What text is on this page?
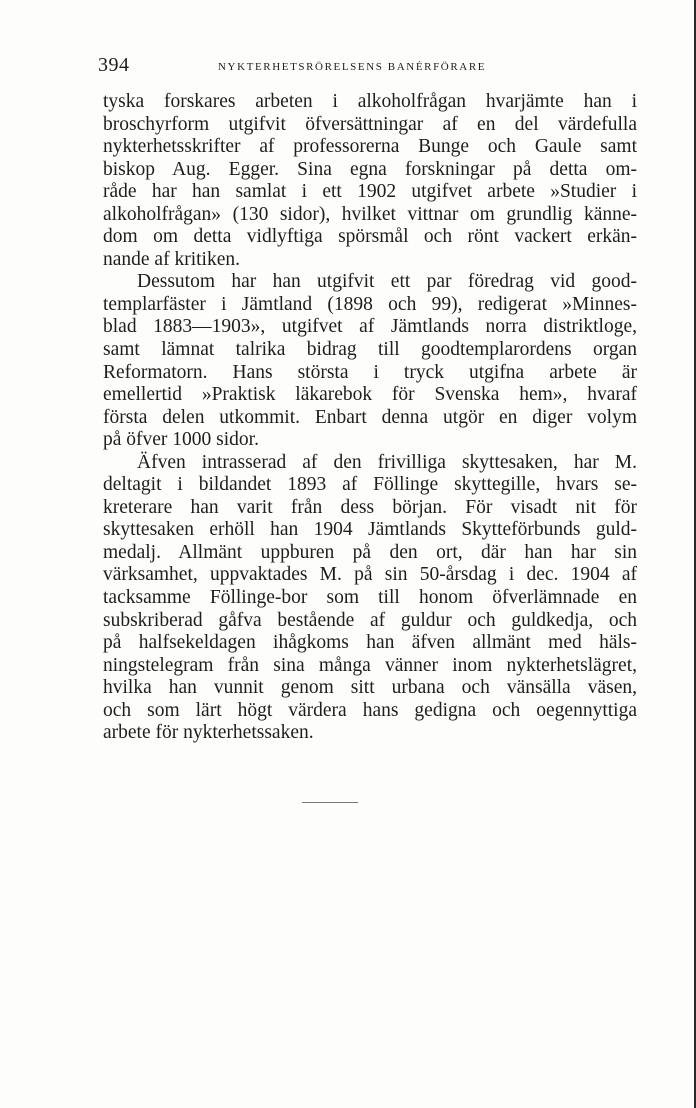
394	NYKTERHETSRÖRELSENS BANÉRFÖRARE
tyska forskares arbeten i alkoholfrågan hvarjämte han i
broschyrform utgifvit öfversättningar af en del värdefulla
nykterhetsskrifter af professorerna Bunge och Gaule samt
biskop Aug. Egger. Sina egna forskningar på detta om-
råde har han samlat i ett 1902 utgifvet arbete »Studier i
alkoholfrågan» (130 sidor), hvilket vittnar om grundlig känne-
dom om detta vidlyftiga spörsmål och rönt vackert erkän-
nande af kritiken.
Dessutom har han utgifvit ett par föredrag vid good-
templarfäster i Jämtland (1898 och 99), redigerat »Minnes-
blad 1883—1903», utgifvet af Jämtlands norra distriktloge,
samt lämnat talrika bidrag till goodtemplarordens organ
Reformatorn. Hans största i tryck utgifna arbete är
emellertid »Praktisk läkarebok för Svenska hem», hvaraf
första delen utkommit. Enbart denna utgör en diger volym
på öfver 1000 sidor.
Äfven intrasserad af den frivilliga skyttesaken, har M.
deltagit i bildandet 1893 af Föllinge skyttegille, hvars se-
kreterare han varit från dess början. För visadt nit för
skyttesaken erhöll han 1904 Jämtlands Skytteförbunds guld-
medalj. Allmänt uppburen på den ort, där han har sin
värksamhet, uppvaktades M. på sin 50-årsdag i dec. 1904 af
tacksamme Föllinge-bor som till honom öfverlämnade en
subskriberad gåfva bestående af guldur och guldkedja, och
på halfsekeldagen ihågkoms han äfven allmänt med häls-
ningstelegram från sina många vänner inom nykterhetslägret,
hvilka han vunnit genom sitt urbana och vänsälla väsen,
och som lärt högt värdera hans gedigna och oegennyttiga
arbete för nykterhetssaken.
